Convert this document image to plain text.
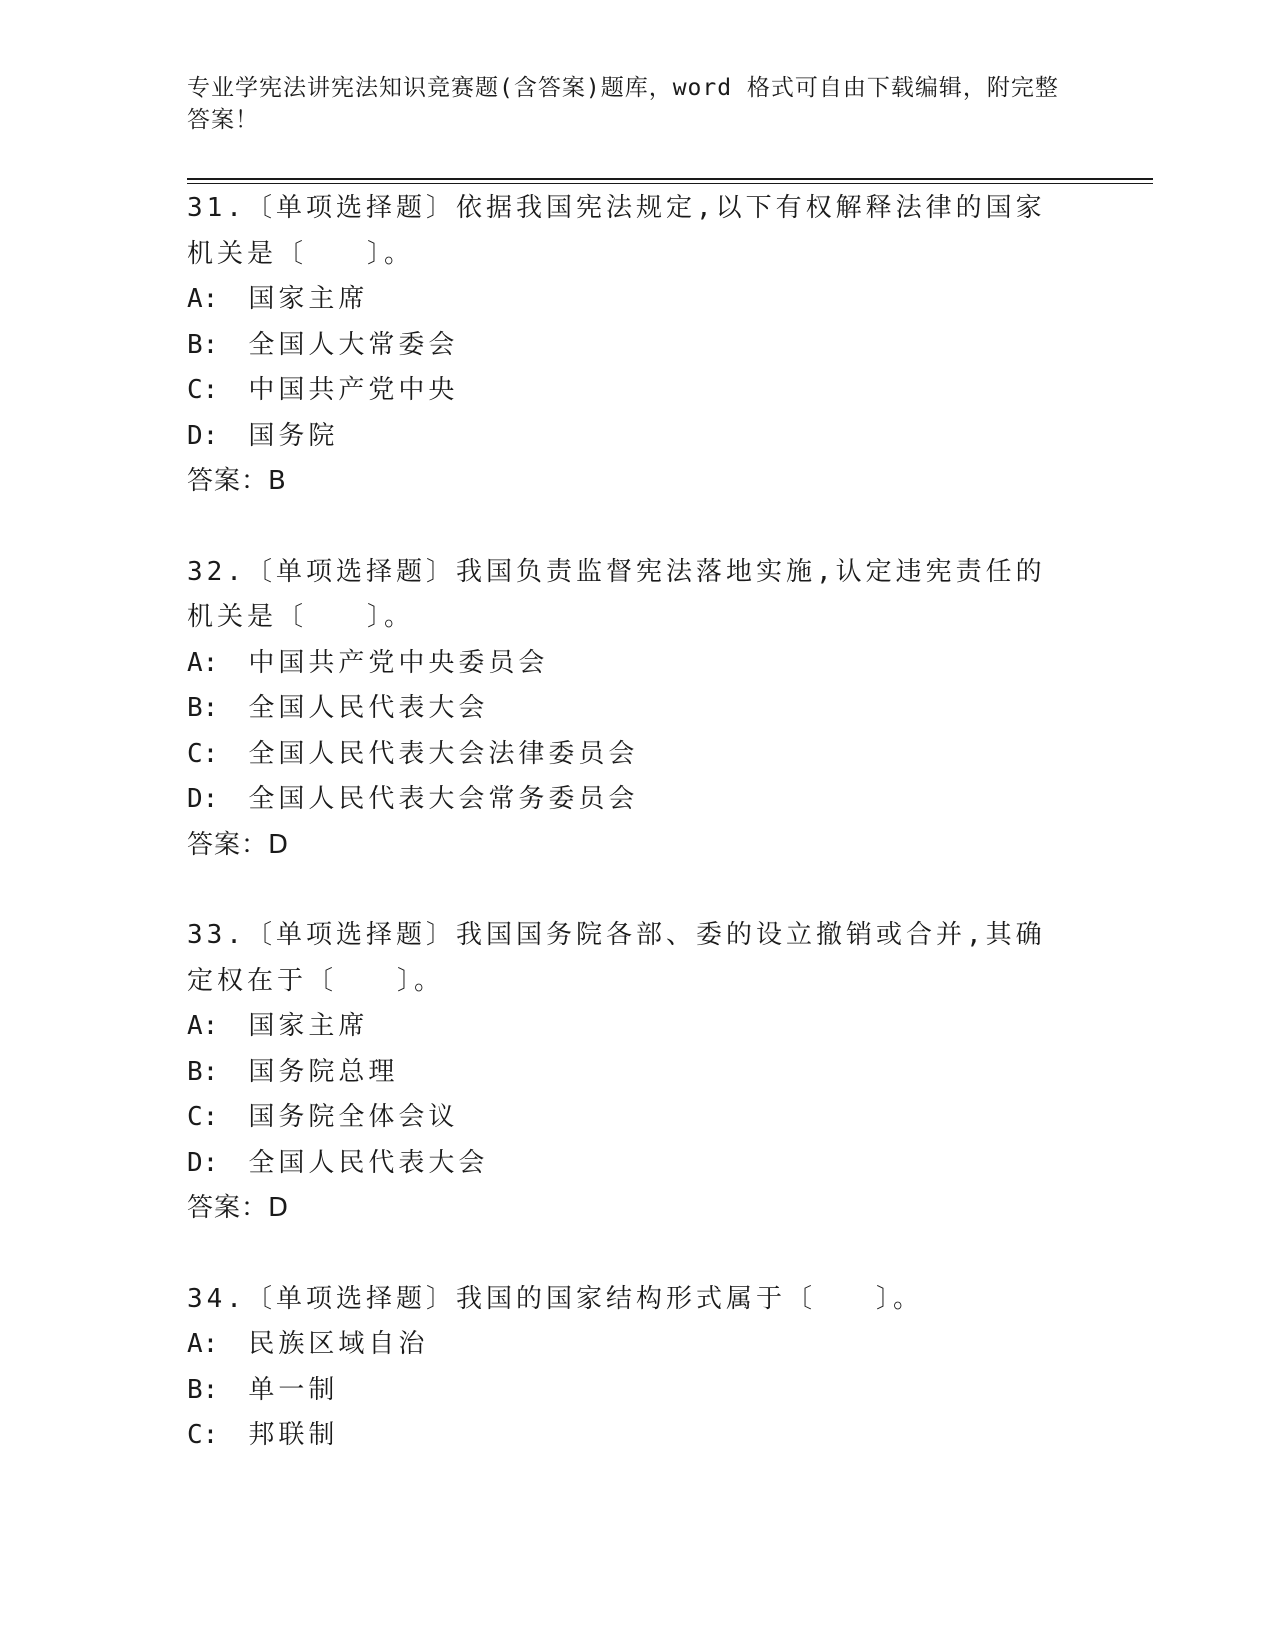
专业学宪法讲宪法知识竞赛题(含答案)题库，word 格式可自由下载编辑，附完整答案！
31.〔单项选择题〕依据我国宪法规定,以下有权解释法律的国家机关是〔　　〕。
A: 国家主席
B: 全国人大常委会
C: 中国共产党中央
D: 国务院
答案：B
32.〔单项选择题〕我国负责监督宪法落地实施,认定违宪责任的机关是〔　　〕。
A: 中国共产党中央委员会
B: 全国人民代表大会
C: 全国人民代表大会法律委员会
D: 全国人民代表大会常务委员会
答案：D
33.〔单项选择题〕我国国务院各部、委的设立撤销或合并,其确定权在于〔　　〕。
A: 国家主席
B: 国务院总理
C: 国务院全体会议
D: 全国人民代表大会
答案：D
34.〔单项选择题〕我国的国家结构形式属于〔　　〕。
A: 民族区域自治
B: 单一制
C: 邦联制
